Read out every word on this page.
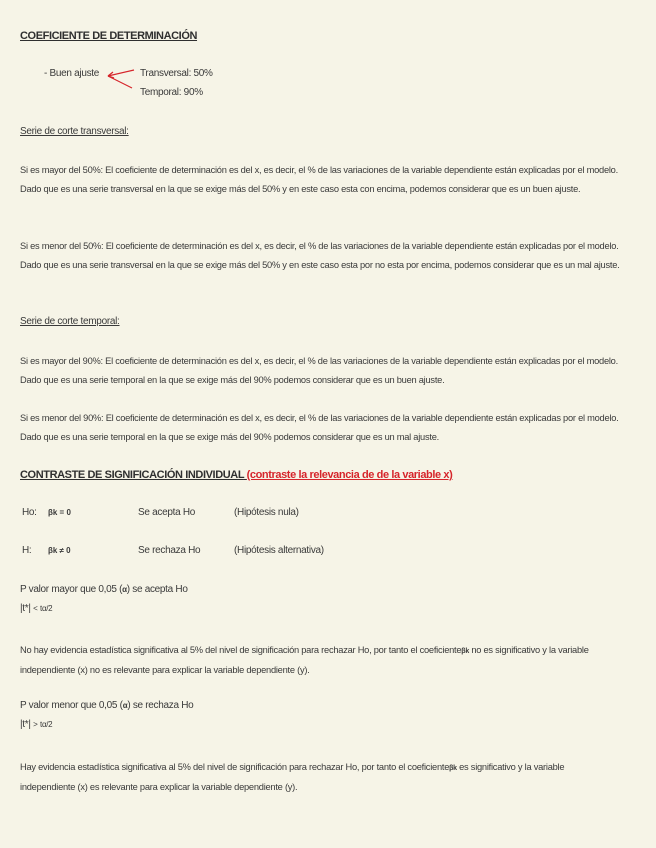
COEFICIENTE DE DETERMINACIÓN
- Buen ajuste	Transversal: 50%
Temporal: 90%
Serie de corte transversal:

Si es mayor del 50%: El coeficiente de determinación es del x, es decir, el % de las variaciones de la variable dependiente están explicadas por el modelo. Dado que es una serie transversal en la que se exige más del 50% y en este caso esta con encima, podemos considerar que es un buen ajuste.

Si es menor del 50%: El coeficiente de determinación es del x, es decir, el % de las variaciones de la variable dependiente están explicadas por el modelo. Dado que es una serie transversal en la que se exige más del 50% y en este caso esta por no esta por encima, podemos considerar que es un mal ajuste.

Serie de corte temporal:

Si es mayor del 90%: El coeficiente de determinación es del x, es decir, el % de las variaciones de la variable dependiente están explicadas por el modelo. Dado que es una serie temporal en la que se exige más del 90% podemos considerar que es un buen ajuste.

Si es menor del 90%: El coeficiente de determinación es del x, es decir, el % de las variaciones de la variable dependiente están explicadas por el modelo. Dado que es una serie temporal en la que se exige más del 90% podemos considerar que es un mal ajuste.

CONTRASTE DE SIGNIFICACIÓN INDIVIDUAL (contraste la relevancia de de la variable x)
Ho: βk = 0	Se acepta Ho	(Hipótesis nula)
H: βk ≠ 0	Se rechaza Ho	(Hipótesis alternativa)
P valor mayor que 0,05 (α) se acepta Ho
|t*| < tα/2

No hay evidencia estadística significativa al 5% del nivel de significación para rechazar Ho, por tanto el coeficienteβk no es significativo y la variable independiente (x) no es relevante para explicar la variable dependiente (y).

P valor menor que 0,05 (α) se rechaza Ho
|t*| > tα/2

Hay evidencia estadística significativa al 5% del nivel de significación para rechazar Ho, por tanto el coeficienteβk es significativo y la variable independiente (x) es relevante para explicar la variable dependiente (y).
